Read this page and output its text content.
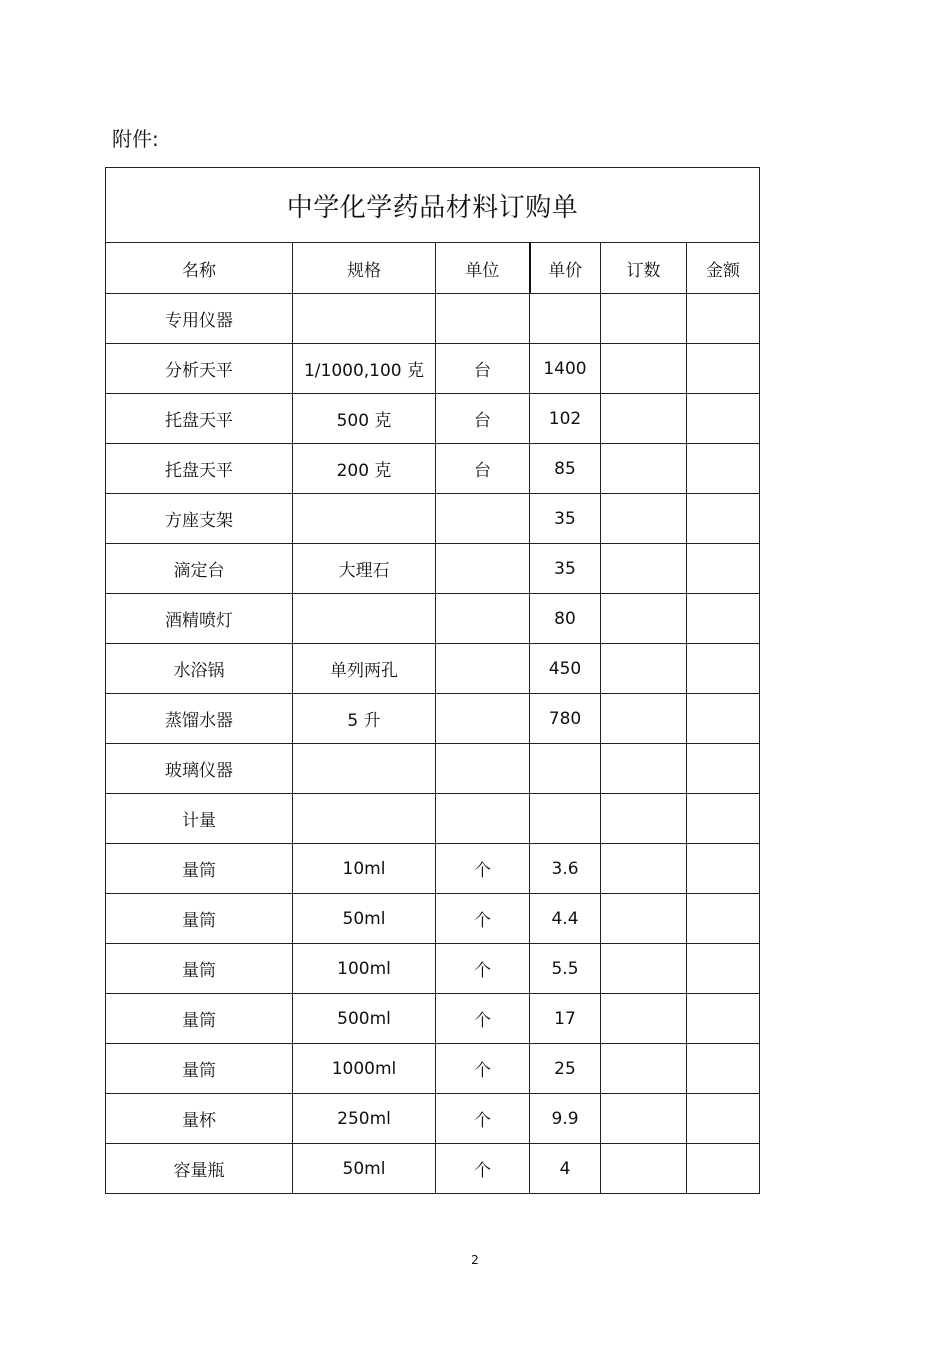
附件:
中学化学药品材料订购单					
名称	规格	单位	单价	订数	金额
专用仪器					
分析天平	1/1000,100 克	台	1400		
托盘天平	500 克	台	102		
托盘天平	200 克	台	85		
方座支架			35		
滴定台	大理石		35		
酒精喷灯			80		
水浴锅	单列两孔		450		
蒸馏水器	5 升		780		
玻璃仪器					
计量					
量筒	10ml	个	3.6		
量筒	50ml	个	4.4		
量筒	100ml	个	5.5		
量筒	500ml	个	17		
量筒	1000ml	个	25		
量杯	250ml	个	9.9		
容量瓶	50ml	个	4		
2
